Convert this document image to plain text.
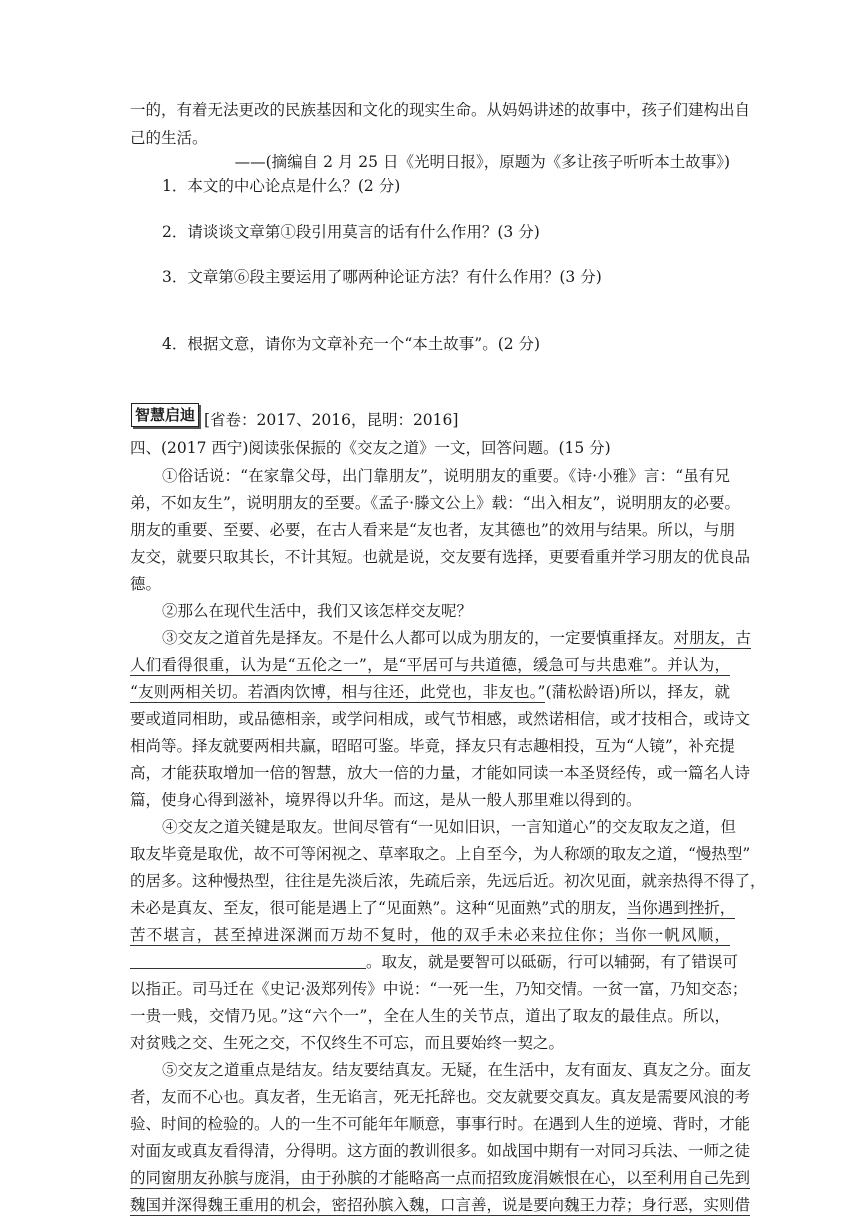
一的，有着无法更改的民族基因和文化的现实生命。从妈妈讲述的故事中，孩子们建构出自
己的生活。
——(摘编自 2 月 25 日《光明日报》，原题为《多让孩子听听本土故事》)
1．本文的中心论点是什么？(2 分)
2．请谈谈文章第①段引用莫言的话有什么作用？(3 分)
3．文章第⑥段主要运用了哪两种论证方法？有什么作用？(3 分)
4．根据文意，请你为文章补充一个“本土故事”。(2 分)
智慧启迪 [省卷：2017、2016，昆明：2016]
四、(2017 西宁)阅读张保振的《交友之道》一文，回答问题。(15 分)
①俗话说：“在家靠父母，出门靠朋友”，说明朋友的重要。《诗·小雅》言：“虽有兄
弟，不如友生”，说明朋友的至要。《孟子·滕文公上》载：“出入相友”，说明朋友的必要。
朋友的重要、至要、必要，在古人看来是“友也者，友其德也”的效用与结果。所以，与朋
友交，就要只取其长，不计其短。也就是说，交友要有选择，更要看重并学习朋友的优良品
德。
②那么在现代生活中，我们又该怎样交友呢？
③交友之道首先是择友。不是什么人都可以成为朋友的，一定要慎重择友。对朋友，古
人们看得很重，认为是“五伦之一”，是“平居可与共道德，缓急可与共患难”。并认为，
“友则两相关切。若酒肉饮博，相与往还，此党也，非友也。”(蒲松龄语)所以，择友，就
要或道同相助，或品德相亲，或学问相成，或气节相感，或然诺相信，或才技相合，或诗文
相尚等。择友就要两相共赢，昭昭可鉴。毕竟，择友只有志趣相投，互为“人镜”，补充提
高，才能获取增加一倍的智慧，放大一倍的力量，才能如同读一本圣贤经传，或一篇名人诗
篇，使身心得到滋补，境界得以升华。而这，是从一般人那里难以得到的。
④交友之道关键是取友。世间尽管有“一见如旧识，一言知道心”的交友取友之道，但
取友毕竟是取优，故不可等闲视之、草率取之。上自至今，为人称颂的取友之道，“慢热型”
的居多。这种慢热型，往往是先淡后浓，先疏后亲，先远后近。初次见面，就亲热得不得了，
未必是真友、至友，很可能是遇上了“见面熟”。这种“见面熟”式的朋友，当你遇到挫折，
苦不堪言，甚至掉进深渊而万劫不复时，他的双手未必来拉住你；当你一帆风顺，
。取友，就是要智可以砥砺，行可以辅弼，有了错误可
以指正。司马迁在《史记·汲郑列传》中说：“一死一生，乃知交情。一贫一富，乃知交态；
一贵一贱，交情乃见。”这“六个一”，全在人生的关节点，道出了取友的最佳点。所以，
对贫贱之交、生死之交，不仅终生不可忘，而且要始终一契之。
⑤交友之道重点是结友。结友要结真友。无疑，在生活中，友有面友、真友之分。面友
者，友而不心也。真友者，生无谄言，死无托辞也。交友就要交真友。真友是需要风浪的考
验、时间的检验的。人的一生不可能年年顺意，事事行时。在遇到人生的逆境、背时，才能
对面友或真友看得清，分得明。这方面的教训很多。如战国中期有一对同习兵法、一师之徒
的同窗朋友孙膑与庞涓，由于孙膑的才能略高一点而招致庞涓嫉恨在心，以至利用自己先到
魏国并深得魏王重用的机会，密招孙膑入魏，口言善，说是要向魏王力荐；身行恶，实则借
